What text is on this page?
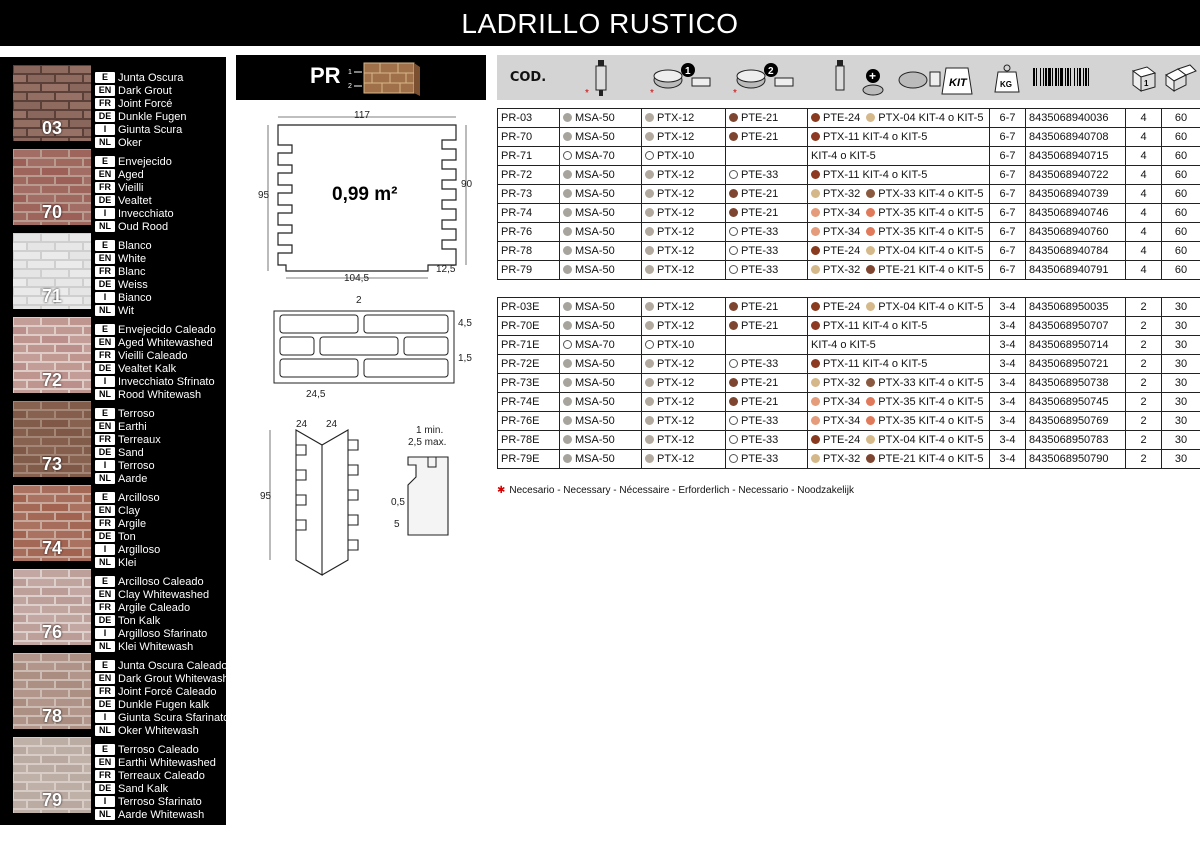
LADRILLO RUSTICO
03
E Junta Oscura
EN Dark Grout
FR Joint Forcé
DE Dunkle Fugen
I	Giunta Scura
NL Oker
70
E Envejecido
EN Aged
FR Vieilli
DE Vealtet
I	Invecchiato
NL Oud Rood
71
E Blanco
EN White
FR Blanc
DE Weiss
I	Bianco
NL Wit
72
E Envejecido Caleado
EN Aged Whitewashed
FR Vieilli Caleado
DE Vealtet Kalk
I	Invecchiato Sfrinato
NL Rood Whitewash
73
E Terroso
EN Earthi
FR Terreaux
DE Sand
I	Terroso
NL Aarde
74
E Arcilloso
EN Clay
FR Argile
DE Ton
I	Argilloso
NL Klei
76
E Arcilloso Caleado
EN Clay Whitewashed
FR Argile Caleado
DE Ton Kalk
I	Argilloso Sfarinato
NL Klei Whitewash
78
E Junta Oscura Caleado
EN Dark Grout Whitewashed
FR Joint Forcé Caleado
DE Dunkle Fugen kalk
I	Giunta Scura Sfarinato
NL Oker Whitewash
79
E Terroso Caleado
EN Earthi Whitewashed
FR Terreaux Caleado
DE Sand Kalk
I	Terroso Sfarinato
NL Aarde Whitewash
PR 1
2
117
95
90
104,5
12,5
0,99 m²
2
4,5
1,5
24,5
24 24
95
1 min.
2,5 max.
0,5
5
COD.
*
1
*
2
*
+	KIT	KG	1
PR-03	MSA-50	PTX-12	PTE-21	PTE-24 PTX-04 KIT-4 o KIT-5	6-7	8435068940036	4	60
PR-70	MSA-50	PTX-12	PTE-21	PTX-11 KIT-4 o KIT-5	6-7	8435068940708	4	60
PR-71	MSA-70	PTX-10		KIT-4 o KIT-5	6-7	8435068940715	4	60
PR-72	MSA-50	PTX-12	PTE-33	PTX-11 KIT-4 o KIT-5	6-7	8435068940722	4	60
PR-73	MSA-50	PTX-12	PTE-21	PTX-32 PTX-33 KIT-4 o KIT-5	6-7	8435068940739	4	60
PR-74	MSA-50	PTX-12	PTE-21	PTX-34 PTX-35 KIT-4 o KIT-5	6-7	8435068940746	4	60
PR-76	MSA-50	PTX-12	PTE-33	PTX-34 PTX-35 KIT-4 o KIT-5	6-7	8435068940760	4	60
PR-78	MSA-50	PTX-12	PTE-33	PTE-24 PTX-04 KIT-4 o KIT-5	6-7	8435068940784	4	60
PR-79	MSA-50	PTX-12	PTE-33	PTX-32 PTE-21 KIT-4 o KIT-5	6-7	8435068940791	4	60
PR-03E	MSA-50	PTX-12	PTE-21	PTE-24 PTX-04 KIT-4 o KIT-5	3-4	8435068950035	2	30
PR-70E	MSA-50	PTX-12	PTE-21	PTX-11 KIT-4 o KIT-5	3-4	8435068950707	2	30
PR-71E	MSA-70	PTX-10		KIT-4 o KIT-5	3-4	8435068950714	2	30
PR-72E	MSA-50	PTX-12	PTE-33	PTX-11 KIT-4 o KIT-5	3-4	8435068950721	2	30
PR-73E	MSA-50	PTX-12	PTE-21	PTX-32 PTX-33 KIT-4 o KIT-5	3-4	8435068950738	2	30
PR-74E	MSA-50	PTX-12	PTE-21	PTX-34 PTX-35 KIT-4 o KIT-5	3-4	8435068950745	2	30
PR-76E	MSA-50	PTX-12	PTE-33	PTX-34 PTX-35 KIT-4 o KIT-5	3-4	8435068950769	2	30
PR-78E	MSA-50	PTX-12	PTE-33	PTE-24 PTX-04 KIT-4 o KIT-5	3-4	8435068950783	2	30
PR-79E	MSA-50	PTX-12	PTE-33	PTX-32 PTE-21 KIT-4 o KIT-5	3-4	8435068950790	2	30
✱ Necesario - Necessary - Nécessaire - Erforderlich - Necessario - Noodzakelijk
